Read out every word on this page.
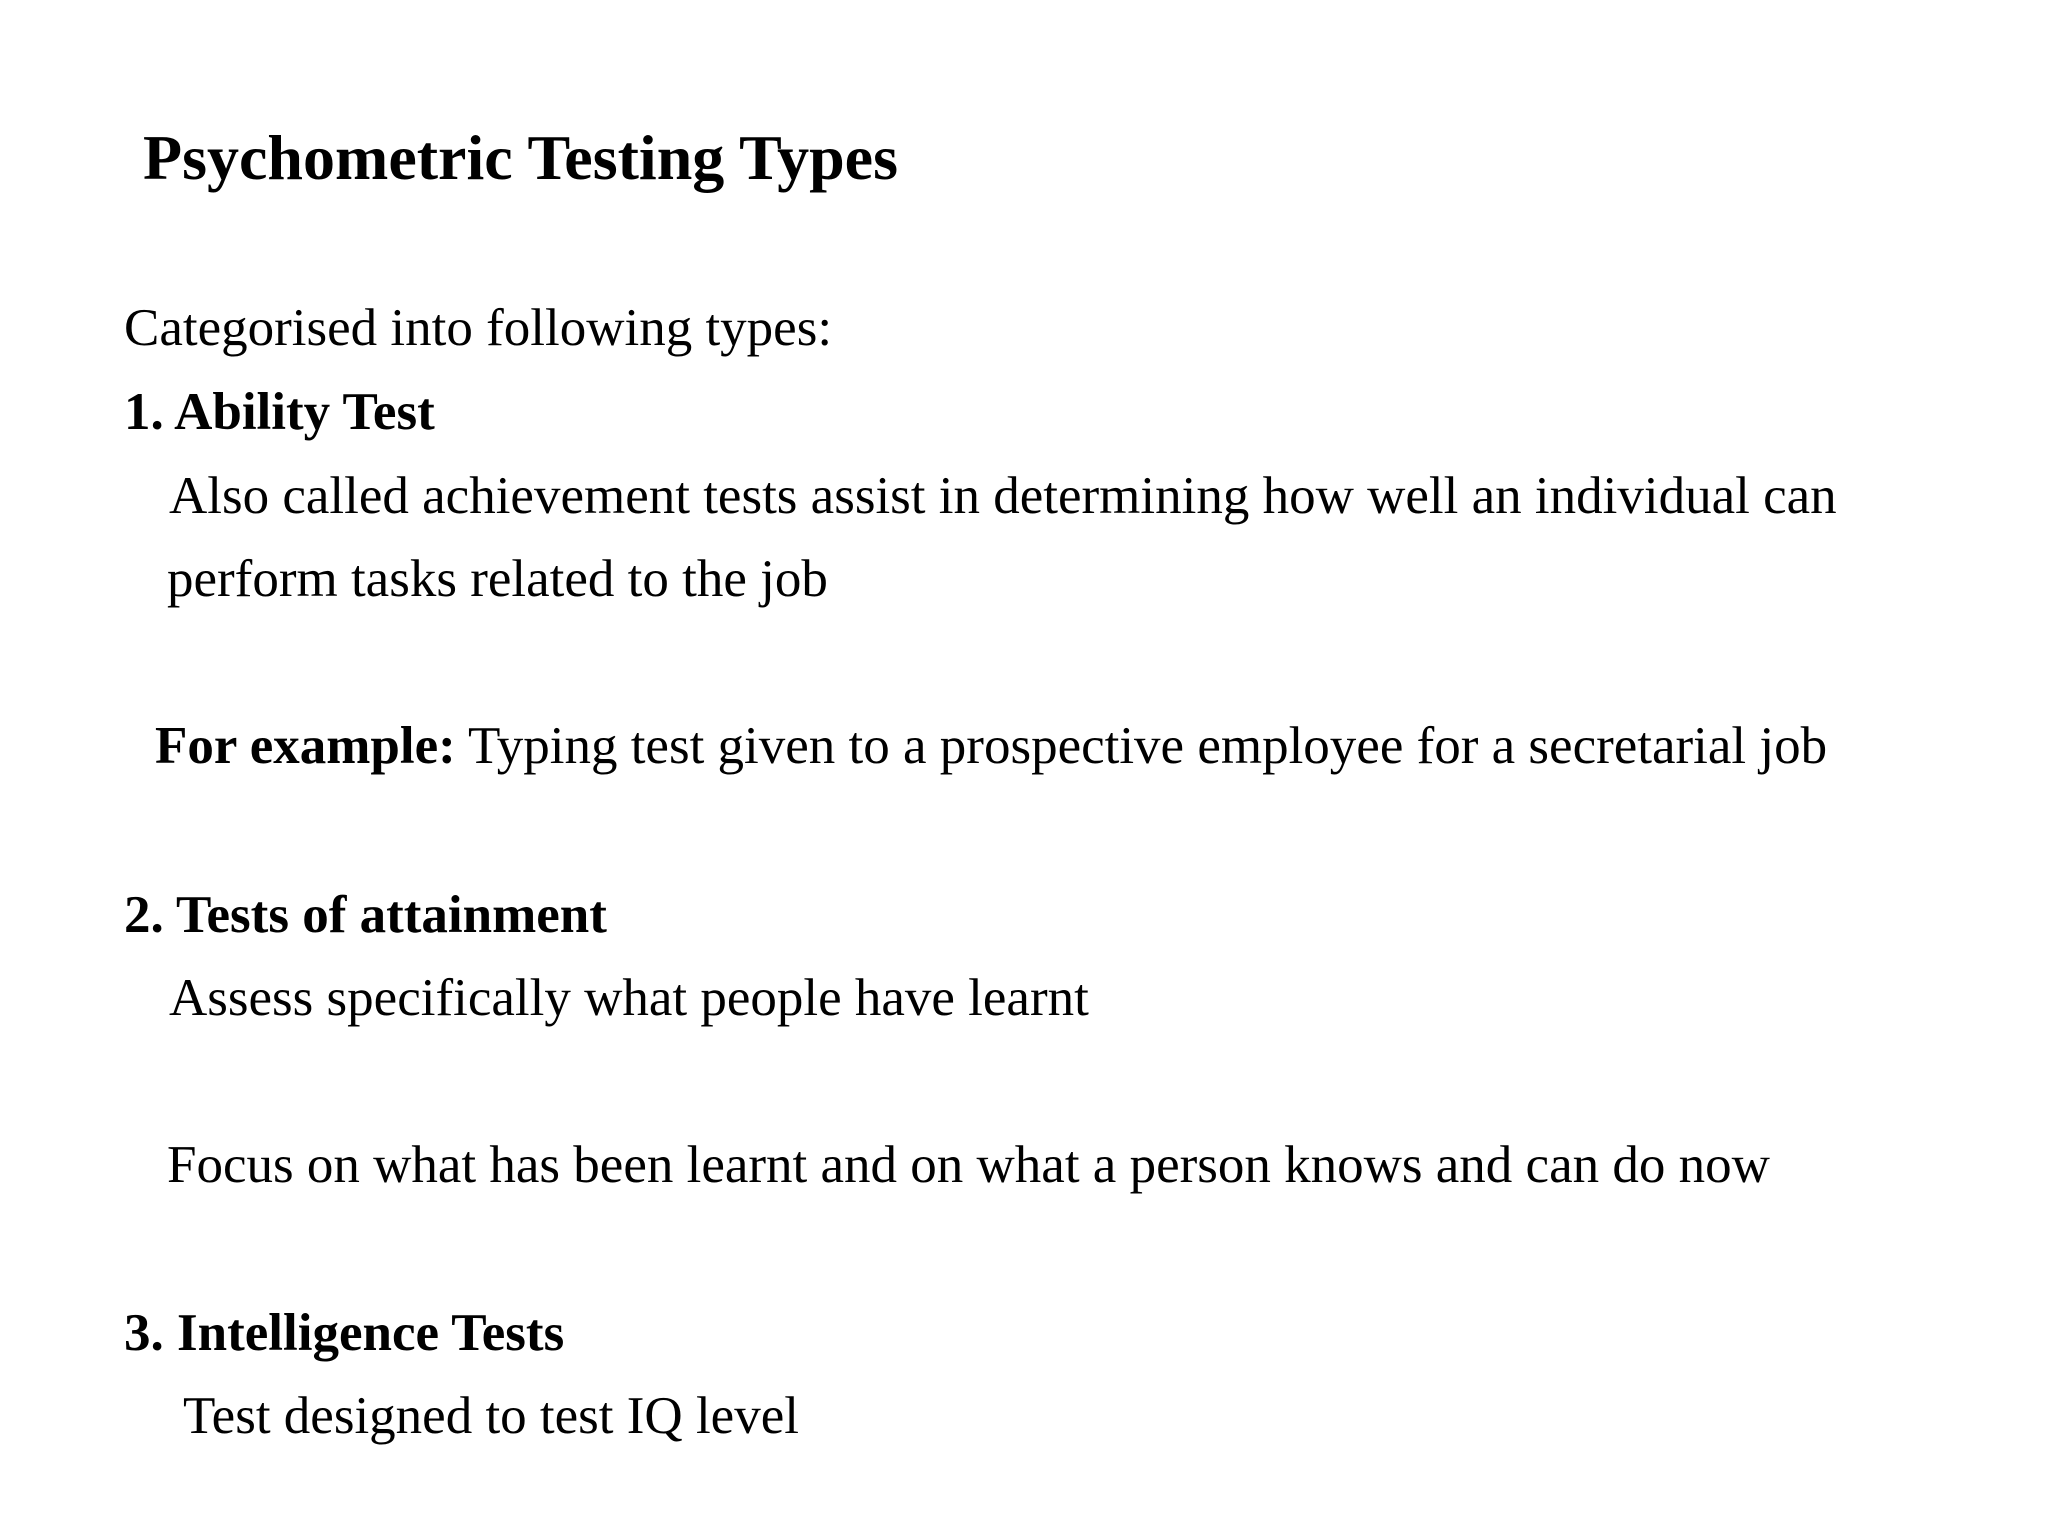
Psychometric Testing Types

Categorised into following types:

1. Ability Test

Also called achievement tests assist in determining how well an individual can

perform tasks related to the job

For example: Typing test given to a prospective employee for a secretarial job

2. Tests of attainment

Assess specifically what people have learnt

Focus on what has been learnt and on what a person knows and can do now

3. Intelligence Tests

Test designed to test IQ level
